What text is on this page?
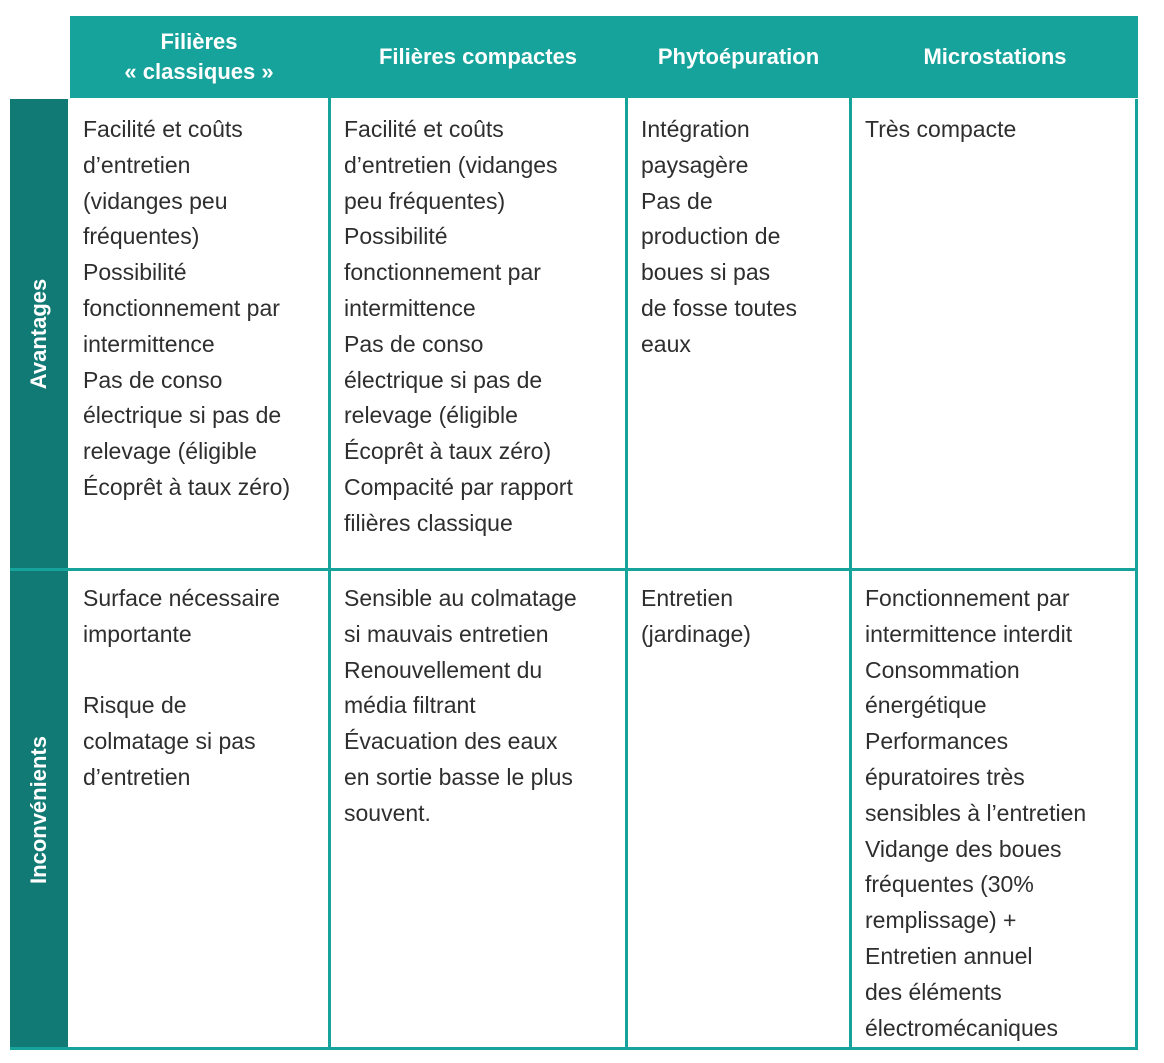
Filières
« classiques »
Filières compactes	Phytoépuration	Microstations
Avantages
Inconvénients
Facilité et coûts
d’entretien
(vidanges peu
fréquentes)
Possibilité
fonctionnement par
intermittence
Pas de conso
électrique si pas de
relevage (éligible
Écoprêt à taux zéro)
Facilité et coûts
d’entretien (vidanges
peu fréquentes)
Possibilité
fonctionnement par
intermittence
Pas de conso
électrique si pas de
relevage (éligible
Écoprêt à taux zéro)
Compacité par rapport
filières classique
Intégration
paysagère
Pas de
production de
boues si pas
de fosse toutes
eaux
Très compacte
Surface nécessaire
importante
Risque de
colmatage si pas
d’entretien
Sensible au colmatage
si mauvais entretien
Renouvellement du
média filtrant
Évacuation des eaux
en sortie basse le plus
souvent.
Entretien
(jardinage)
Fonctionnement par
intermittence interdit
Consommation
énergétique
Performances
épuratoires très
sensibles à l’entretien
Vidange des boues
fréquentes (30%
remplissage) +
Entretien annuel
des éléments
électromécaniques
